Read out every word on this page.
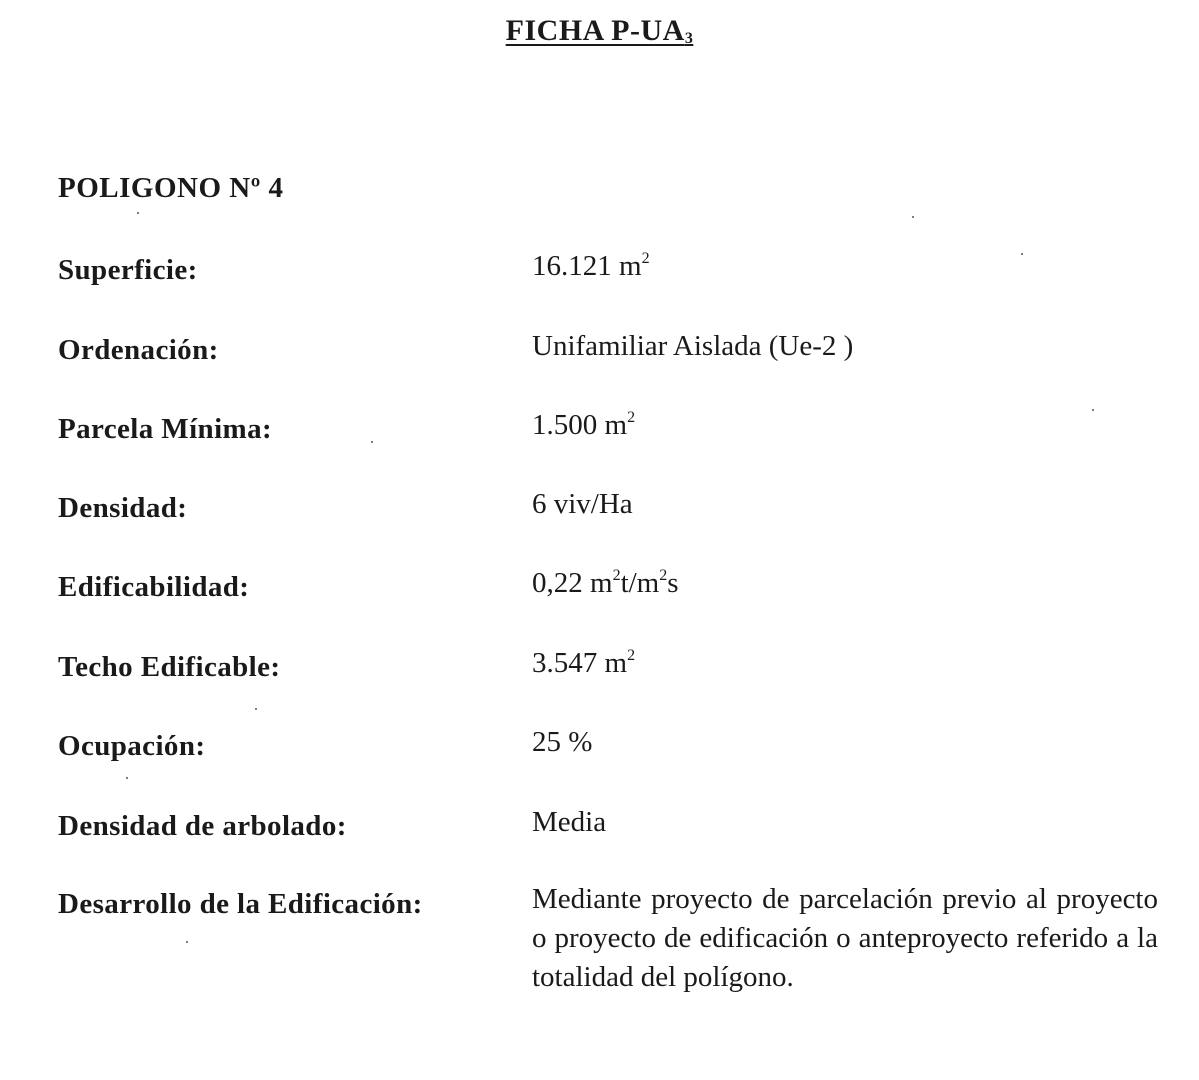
FICHA $P-UA_3$
POLIGONO Nº 4
Superficie:	16.121 $m^2$
Ordenación:	Unifamiliar Aislada (Ue-2 )
Parcela Mínima:	1.500 $m^2$
Densidad:	6 viv/Ha
Edificabilidad:	0,22 $m^2t/m^2s$
Techo Edificable:	3.547 $m^2$
Ocupación:	25 %
Densidad de arbolado:	Media
Desarrollo de la Edificación:	Mediante proyecto de parcelación previo al proyecto o proyecto de edificación o anteproyecto referido a la totalidad del polígono.
